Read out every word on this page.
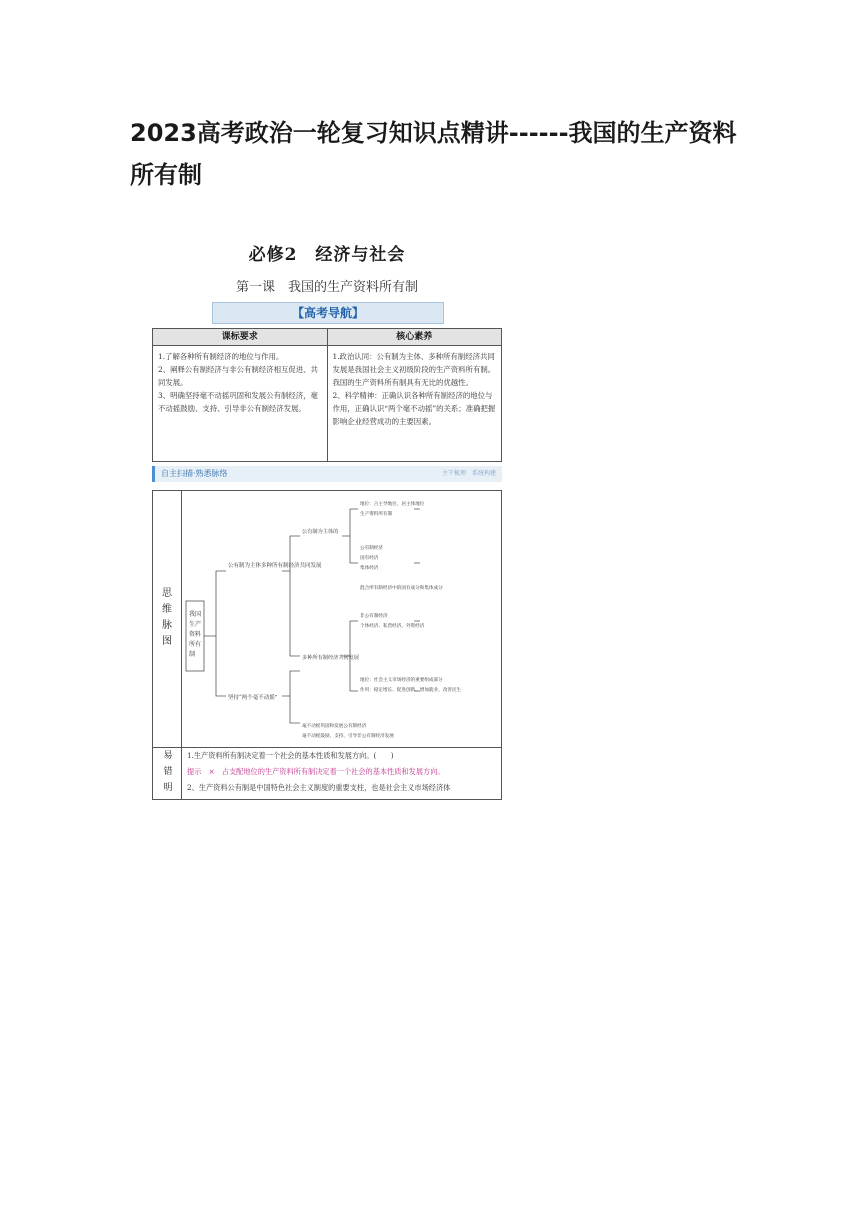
2023高考政治一轮复习知识点精讲------我国的生产资料所有制
必修2　经济与社会
第一课　我国的生产资料所有制
【高考导航】
课标要求	核心素养

1.了解各种所有制经济的地位与作用。

2、阐释公有制经济与非公有制经济相互促进、共同发展。

3、明确坚持毫不动摇巩固和发展公有制经济，毫不动摇鼓励、支持、引导非公有制经济发展。

1.政治认同：公有制为主体、多种所有制经济共同发展是我国社会主义初级阶段的生产资料所有制。我国的生产资料所有制具有无比的优越性。

2、科学精神：正确认识各种所有制经济的地位与作用，正确认识“两个毫不动摇”的关系；准确把握影响企业经营成功的主要因素。

自主扫描·熟悉脉络	主干梳理　系统构建
思维脉图
我国生产资料所有制
公有制为主体多种所有制经济共同发展
坚持“两个毫不动摇”
公有制为主体的
多种所有制经济共同发展
地位：占主导地位，居主体地位
生产资料所有制
公有制经济
国有经济
集体经济
混合所有制经济中的国有成分和集体成分
非公有制经济
个体经济、私营经济、外资经济
地位：社会主义市场经济的重要组成部分
作用：稳定增长、促进创新、增加就业、改善民生
毫不动摇巩固和发展公有制经济
毫不动摇鼓励、支持、引导非公有制经济发展
易错明

1.生产资料所有制决定着一个社会的基本性质和发展方向。(　　)

提示　×　占支配地位的生产资料所有制决定着一个社会的基本性质和发展方向。

2、生产资料公有制是中国特色社会主义制度的重要支柱，也是社会主义市场经济体
